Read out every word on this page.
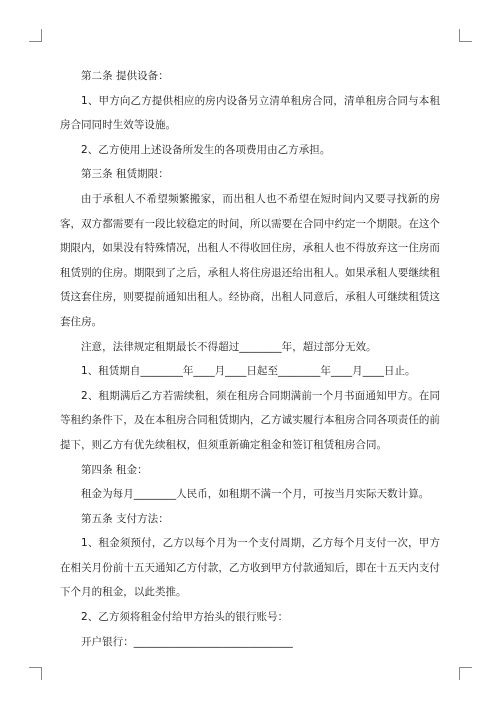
第二条 提供设备：

1、甲方向乙方提供相应的房内设备另立清单租房合同，清单租房合同与本租房合同同时生效等设施。

2、乙方使用上述设备所发生的各项费用由乙方承担。

第三条 租赁期限：

由于承租人不希望频繁搬家，而出租人也不希望在短时间内又要寻找新的房客，双方都需要有一段比较稳定的时间，所以需要在合同中约定一个期限。在这个期限内，如果没有特殊情况，出租人不得收回住房，承租人也不得放弃这一住房而租赁别的住房。期限到了之后，承租人将住房退还给出租人。如果承租人要继续租赁这套住房，则要提前通知出租人。经协商，出租人同意后，承租人可继续租赁这套住房。

注意，法律规定租期最长不得超过________年，超过部分无效。

1、租赁期自________年____月____日起至________年____月____日止。

2、租期满后乙方若需续租，须在租房合同期满前一个月书面通知甲方。在同等租约条件下，及在本租房合同租赁期内，乙方诚实履行本租房合同各项责任的前提下，则乙方有优先续租权，但须重新确定租金和签订租赁租房合同。

第四条 租金：

租金为每月________人民币，如租期不满一个月，可按当月实际天数计算。

第五条 支付方法：

1、租金须预付，乙方以每个月为一个支付周期，乙方每个月支付一次，甲方在相关月份前十五天通知乙方付款，乙方收到甲方付款通知后，即在十五天内支付下个月的租金，以此类推。

2、乙方须将租金付给甲方抬头的银行账号：

开户银行：______________________________
